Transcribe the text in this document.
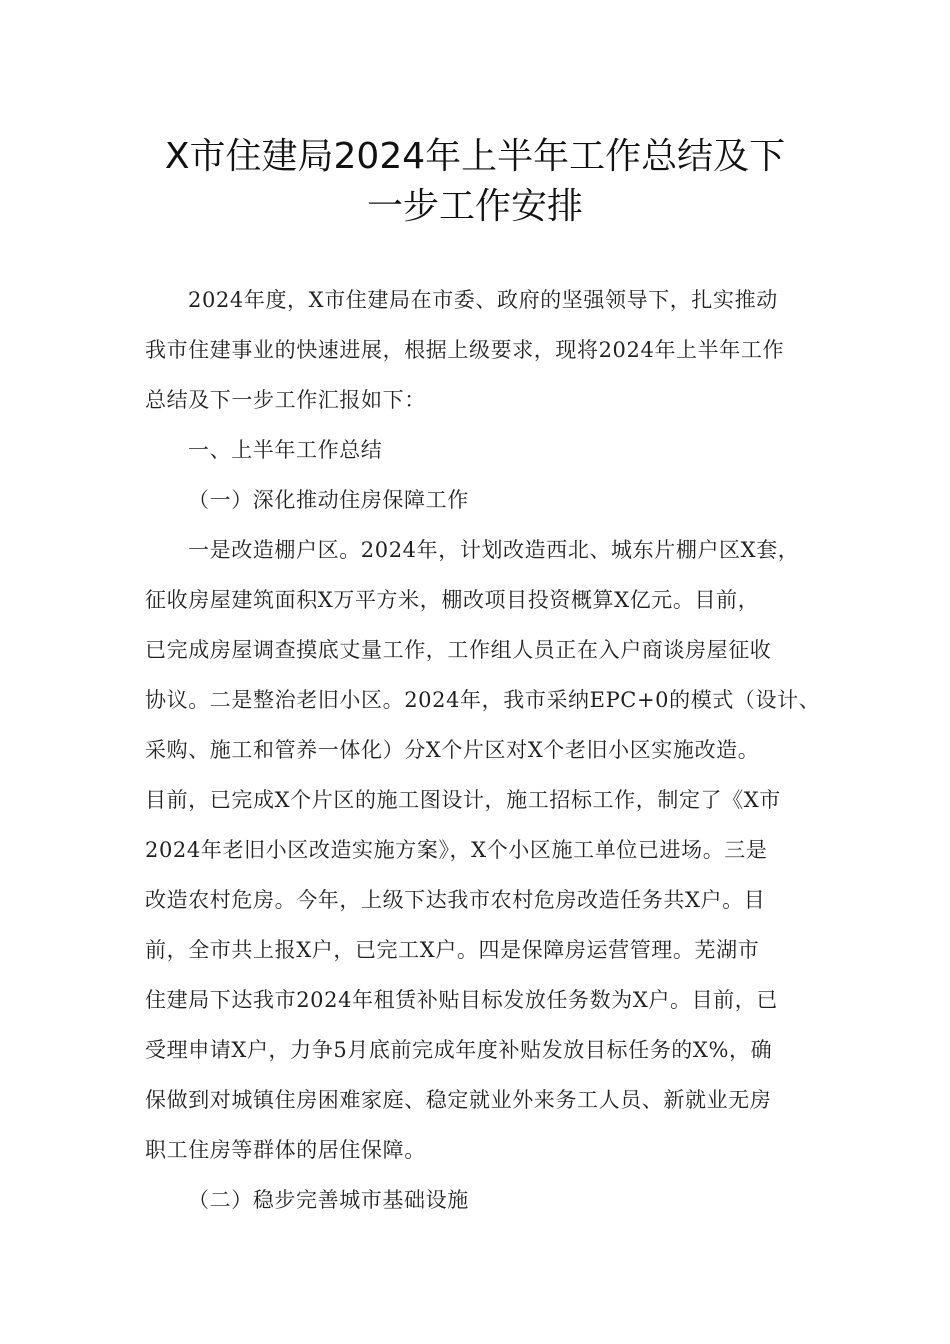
X市住建局2024年上半年工作总结及下
一步工作安排
2024年度，X市住建局在市委、政府的坚强领导下，扎实推动
我市住建事业的快速进展，根据上级要求，现将2024年上半年工作
总结及下一步工作汇报如下：
一、上半年工作总结
（一）深化推动住房保障工作
一是改造棚户区。2024年，计划改造西北、城东片棚户区X套，
征收房屋建筑面积X万平方米，棚改项目投资概算X亿元。目前，
已完成房屋调查摸底丈量工作，工作组人员正在入户商谈房屋征收
协议。二是整治老旧小区。2024年，我市采纳EPC+0的模式（设计、
采购、施工和管养一体化）分X个片区对X个老旧小区实施改造。
目前，已完成X个片区的施工图设计，施工招标工作，制定了《X市
2024年老旧小区改造实施方案》，X个小区施工单位已进场。三是
改造农村危房。今年，上级下达我市农村危房改造任务共X户。目
前，全市共上报X户，已完工X户。四是保障房运营管理。芜湖市
住建局下达我市2024年租赁补贴目标发放任务数为X户。目前，已
受理申请X户，力争5月底前完成年度补贴发放目标任务的X%，确
保做到对城镇住房困难家庭、稳定就业外来务工人员、新就业无房
职工住房等群体的居住保障。
（二）稳步完善城市基础设施
